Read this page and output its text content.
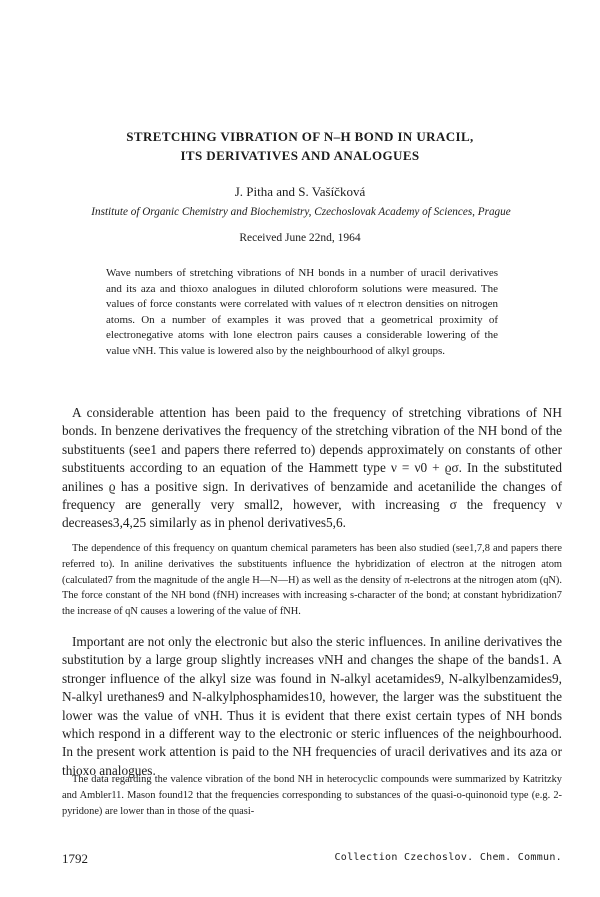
STRETCHING VIBRATION OF N–H BOND IN URACIL,
ITS DERIVATIVES AND ANALOGUES
J. Pitha and S. Vašíčková
Institute of Organic Chemistry and Biochemistry, Czechoslovak Academy of Sciences, Prague
Received June 22nd, 1964
Wave numbers of stretching vibrations of NH bonds in a number of uracil derivatives and its aza and thioxo analogues in diluted chloroform solutions were measured. The values of force constants were correlated with values of π electron densities on nitrogen atoms. On a number of examples it was proved that a geometrical proximity of electronegative atoms with lone electron pairs causes a considerable lowering of the value νNH. This value is lowered also by the neighbourhood of alkyl groups.
A considerable attention has been paid to the frequency of stretching vibrations of NH bonds. In benzene derivatives the frequency of the stretching vibration of the NH bond of the substituents (see1 and papers there referred to) depends approximately on constants of other substituents according to an equation of the Hammett type ν = ν0 + ϱσ. In the substituted anilines ϱ has a positive sign. In derivatives of benzamide and acetanilide the changes of frequency are generally very small2, however, with increasing σ the frequency ν decreases3,4,25 similarly as in phenol derivatives5,6.
The dependence of this frequency on quantum chemical parameters has been also studied (see1,7,8 and papers there referred to). In aniline derivatives the substituents influence the hybridization of electron at the nitrogen atom (calculated7 from the magnitude of the angle H—N—H) as well as the density of π-electrons at the nitrogen atom (qN). The force constant of the NH bond (fNH) increases with increasing s-character of the bond; at constant hybridization7 the increase of qN causes a lowering of the value of fNH.
Important are not only the electronic but also the steric influences. In aniline derivatives the substitution by a large group slightly increases νNH and changes the shape of the bands1. A stronger influence of the alkyl size was found in N-alkyl acetamides9, N-alkylbenzamides9, N-alkyl urethanes9 and N-alkylphosphamides10, however, the larger was the substituent the lower was the value of νNH. Thus it is evident that there exist certain types of NH bonds which respond in a different way to the electronic or steric influences of the neighbourhood. In the present work attention is paid to the NH frequencies of uracil derivatives and its aza or thioxo analogues.
The data regarding the valence vibration of the bond NH in heterocyclic compounds were summarized by Katritzky and Ambler11. Mason found12 that the frequencies corresponding to substances of the quasi-o-quinonoid type (e.g. 2-pyridone) are lower than in those of the quasi-
1792	Collection Czechoslov. Chem. Commun.
